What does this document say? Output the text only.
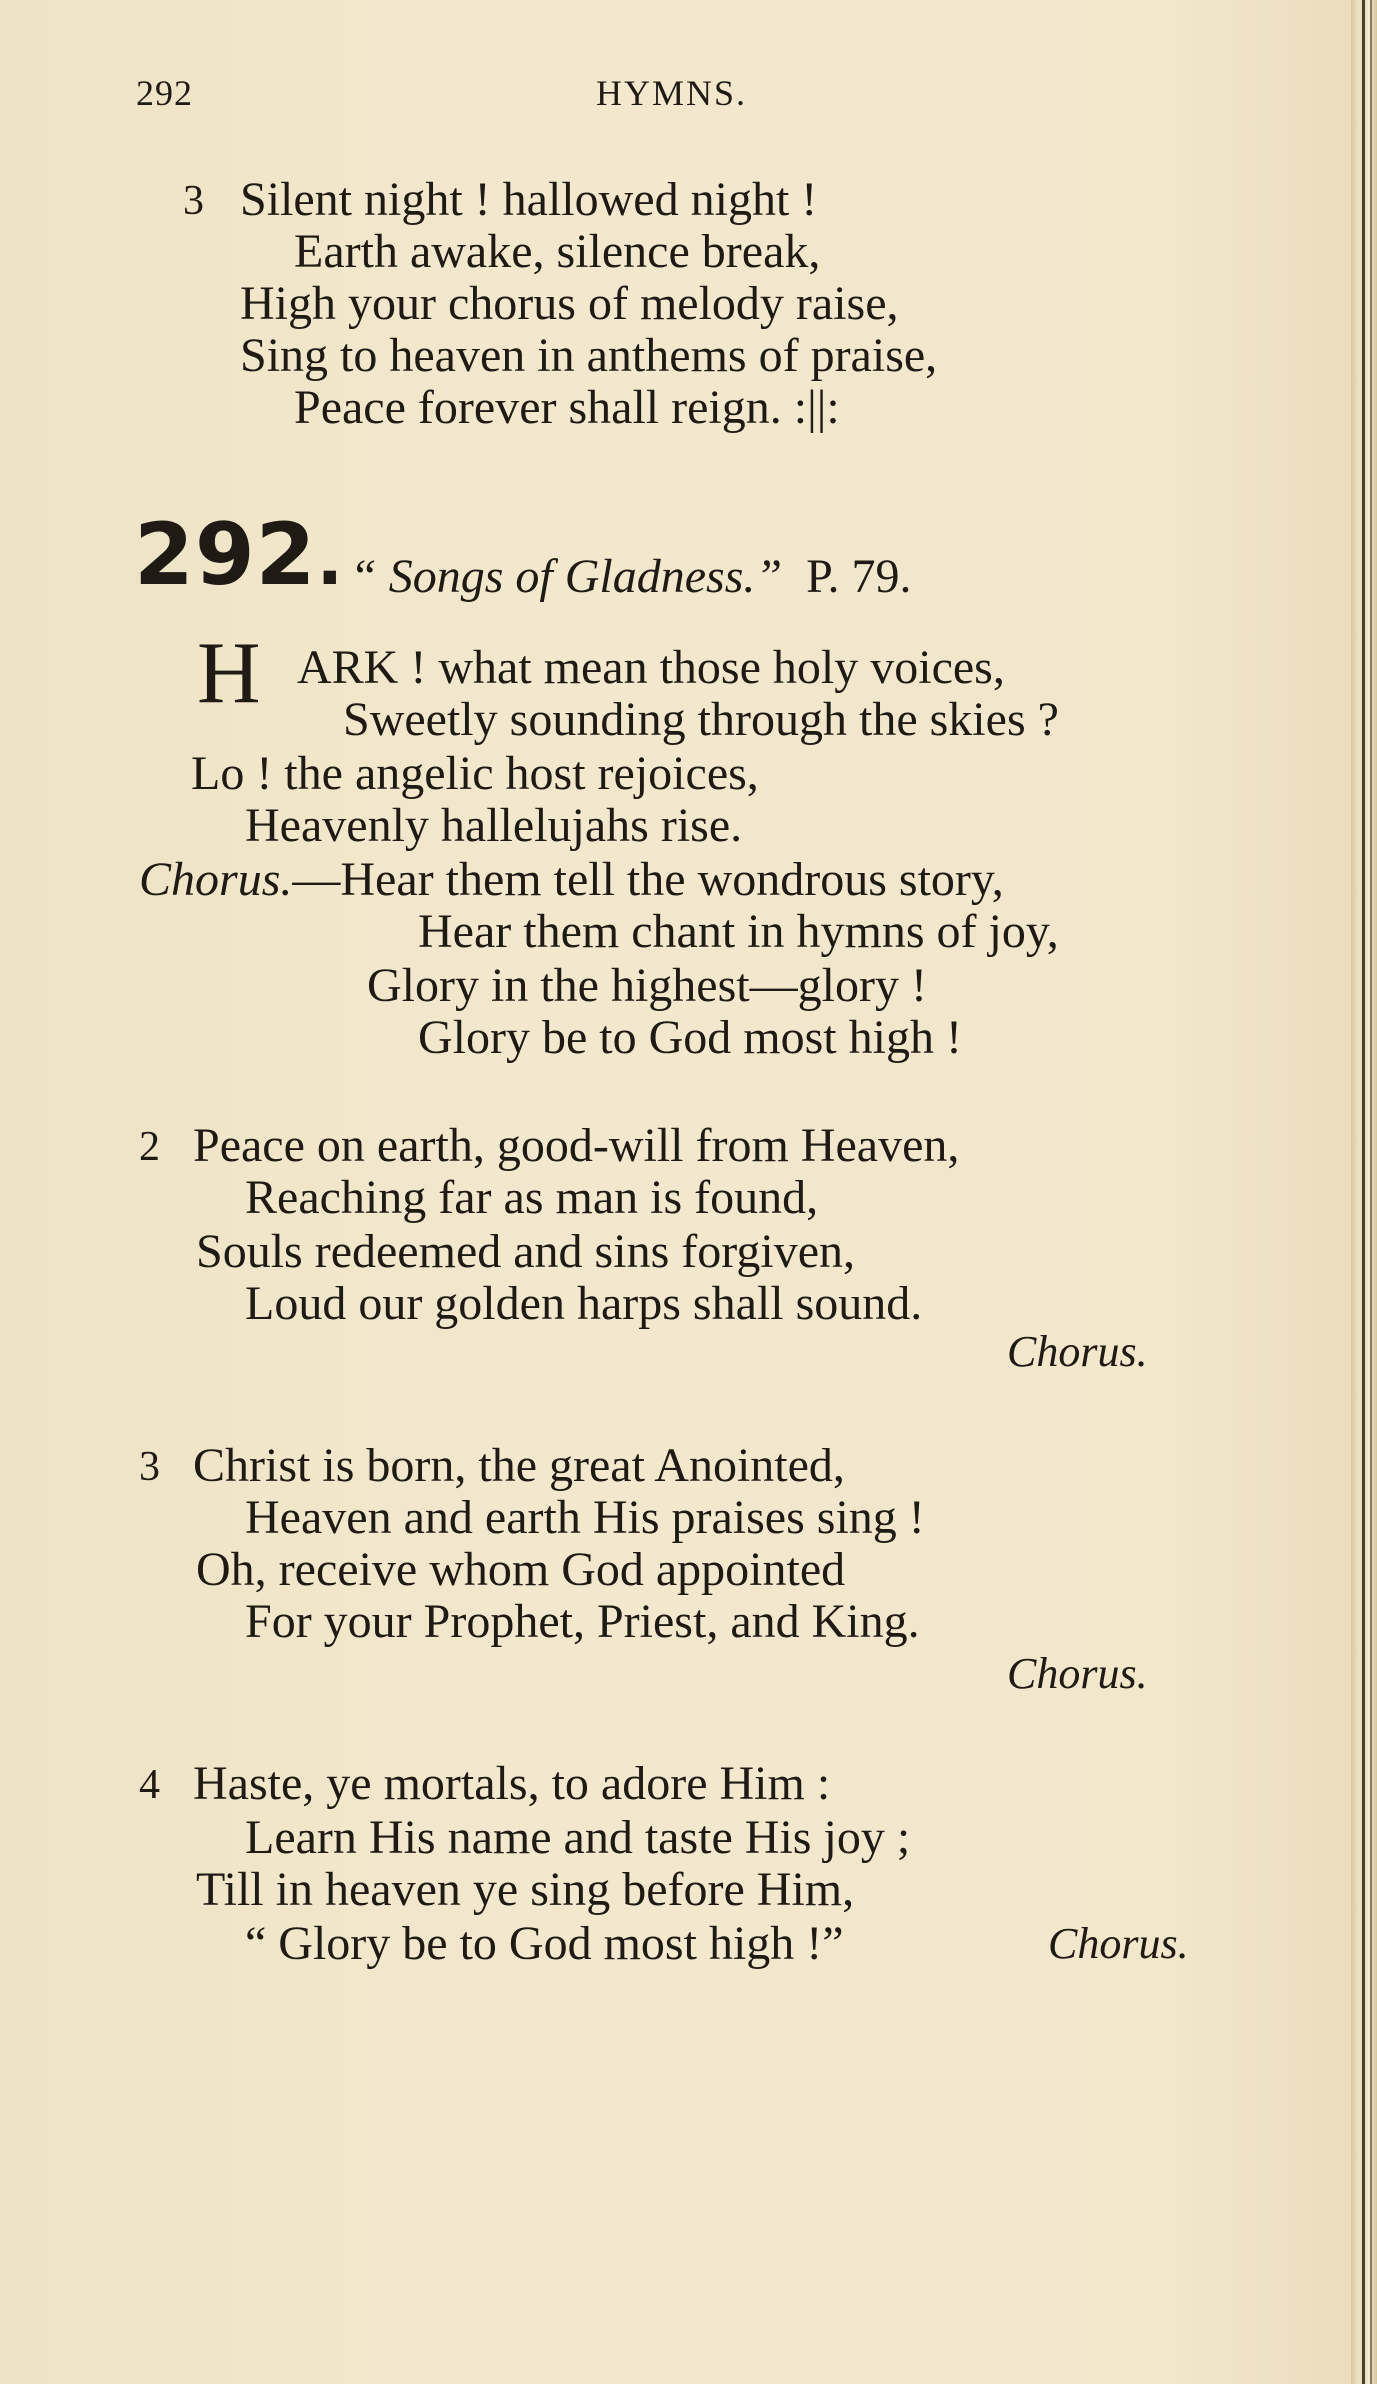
292	HYMNS.
3 Silent night ! hallowed night !
Earth awake, silence break,
High your chorus of melody raise,
Sing to heaven in anthems of praise,
Peace forever shall reign. :||:
292. “ Songs of Gladness.” P. 79.
H ARK ! what mean those holy voices,
Sweetly sounding through the skies ?
Lo ! the angelic host rejoices,
Heavenly hallelujahs rise.
Chorus.—Hear them tell the wondrous story,
Hear them chant in hymns of joy,
Glory in the highest—glory !
Glory be to God most high !
2 Peace on earth, good-will from Heaven,
Reaching far as man is found,
Souls redeemed and sins forgiven,
Loud our golden harps shall sound.
Chorus.
3 Christ is born, the great Anointed,
Heaven and earth His praises sing !
Oh, receive whom God appointed
For your Prophet, Priest, and King.
Chorus.
4 Haste, ye mortals, to adore Him :
Learn His name and taste His joy ;
Till in heaven ye sing before Him,
“ Glory be to God most high !”	Chorus.
